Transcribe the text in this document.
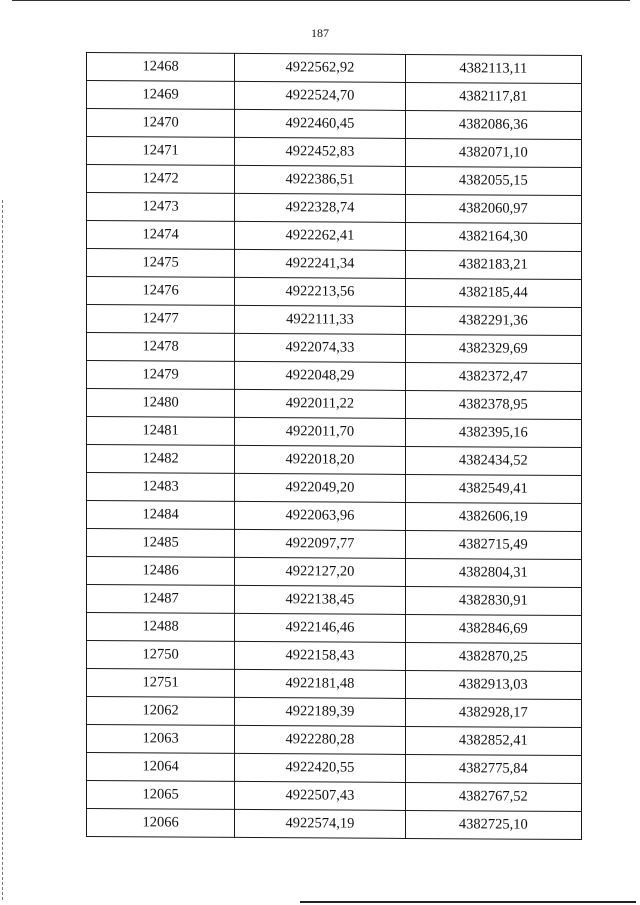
187
12468	4922562,92	4382113,11
12469	4922524,70	4382117,81
12470	4922460,45	4382086,36
12471	4922452,83	4382071,10
12472	4922386,51	4382055,15
12473	4922328,74	4382060,97
12474	4922262,41	4382164,30
12475	4922241,34	4382183,21
12476	4922213,56	4382185,44
12477	4922111,33	4382291,36
12478	4922074,33	4382329,69
12479	4922048,29	4382372,47
12480	4922011,22	4382378,95
12481	4922011,70	4382395,16
12482	4922018,20	4382434,52
12483	4922049,20	4382549,41
12484	4922063,96	4382606,19
12485	4922097,77	4382715,49
12486	4922127,20	4382804,31
12487	4922138,45	4382830,91
12488	4922146,46	4382846,69
12750	4922158,43	4382870,25
12751	4922181,48	4382913,03
12062	4922189,39	4382928,17
12063	4922280,28	4382852,41
12064	4922420,55	4382775,84
12065	4922507,43	4382767,52
12066	4922574,19	4382725,10
